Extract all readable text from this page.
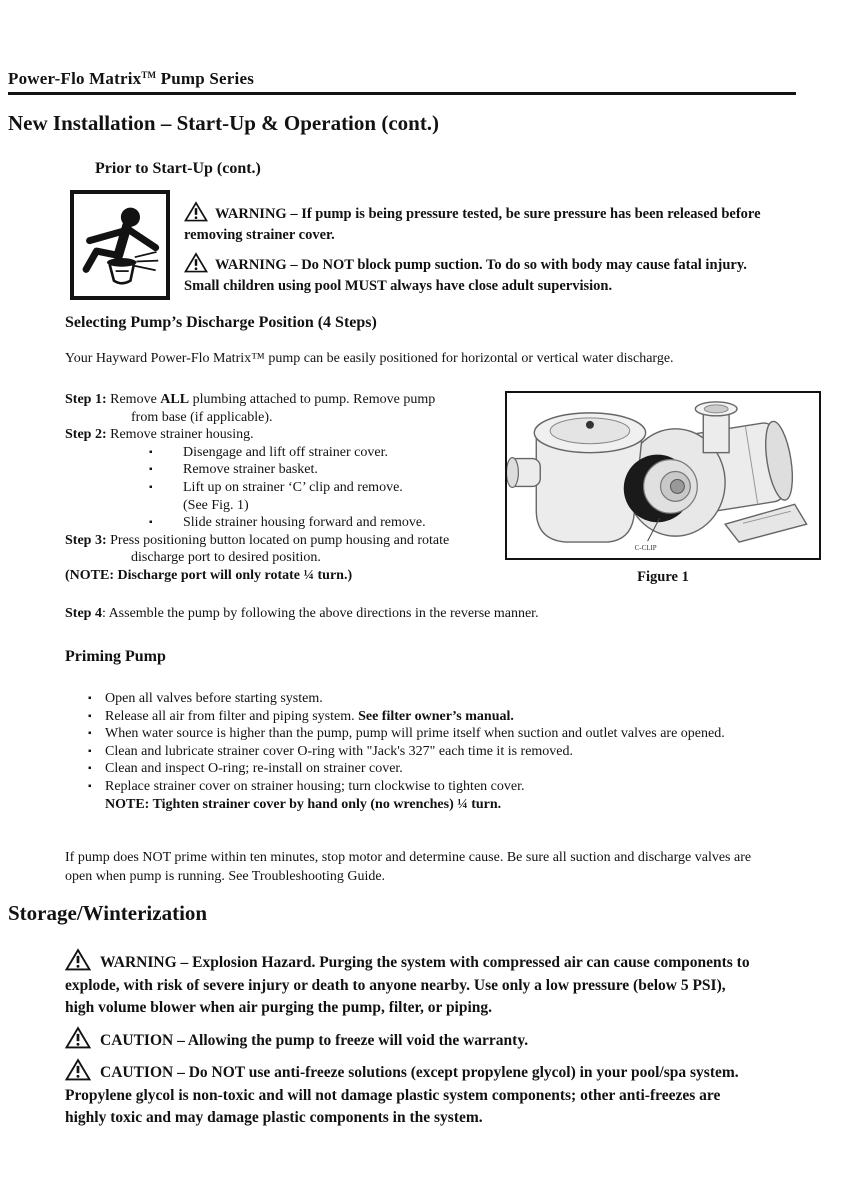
Power-Flo Matrix™ Pump Series
New Installation – Start-Up & Operation (cont.)
Prior to Start-Up (cont.)

WARNING – If pump is being pressure tested, be sure pressure has been released before removing strainer cover.

WARNING – Do NOT block pump suction. To do so with body may cause fatal injury. Small children using pool MUST always have close adult supervision.

Selecting Pump’s Discharge Position (4 Steps)
Your Hayward Power-Flo Matrix™ pump can be easily positioned for horizontal or vertical water discharge.
Step 1: Remove ALL plumbing attached to pump. Remove pump from base (if applicable).
Step 2: Remove strainer housing.
▪	Disengage and lift off strainer cover.
▪	Remove strainer basket.
▪	Lift up on strainer ‘C’ clip and remove.
(See Fig. 1)
▪	Slide strainer housing forward and remove.
Step 3: Press positioning button located on pump housing and rotate discharge port to desired position.
(NOTE: Discharge port will only rotate ¼ turn.)
C-CLIP
Figure 1
Step 4: Assemble the pump by following the above directions in the reverse manner.
Priming Pump
▪ Open all valves before starting system.
▪ Release all air from filter and piping system. See filter owner’s manual.
▪ When water source is higher than the pump, pump will prime itself when suction and outlet valves are opened.
▪ Clean and lubricate strainer cover O-ring with "Jack's 327" each time it is removed.
▪ Clean and inspect O-ring; re-install on strainer cover.
▪ Replace strainer cover on strainer housing; turn clockwise to tighten cover.
NOTE: Tighten strainer cover by hand only (no wrenches) ¼ turn.
If pump does NOT prime within ten minutes, stop motor and determine cause. Be sure all suction and discharge valves are open when pump is running. See Troubleshooting Guide.
Storage/Winterization

WARNING – Explosion Hazard. Purging the system with compressed air can cause components to explode, with risk of severe injury or death to anyone nearby. Use only a low pressure (below 5 PSI), high volume blower when air purging the pump, filter, or piping.

CAUTION – Allowing the pump to freeze will void the warranty.

CAUTION – Do NOT use anti-freeze solutions (except propylene glycol) in your pool/spa system. Propylene glycol is non-toxic and will not damage plastic system components; other anti-freezes are highly toxic and may damage plastic components in the system.
